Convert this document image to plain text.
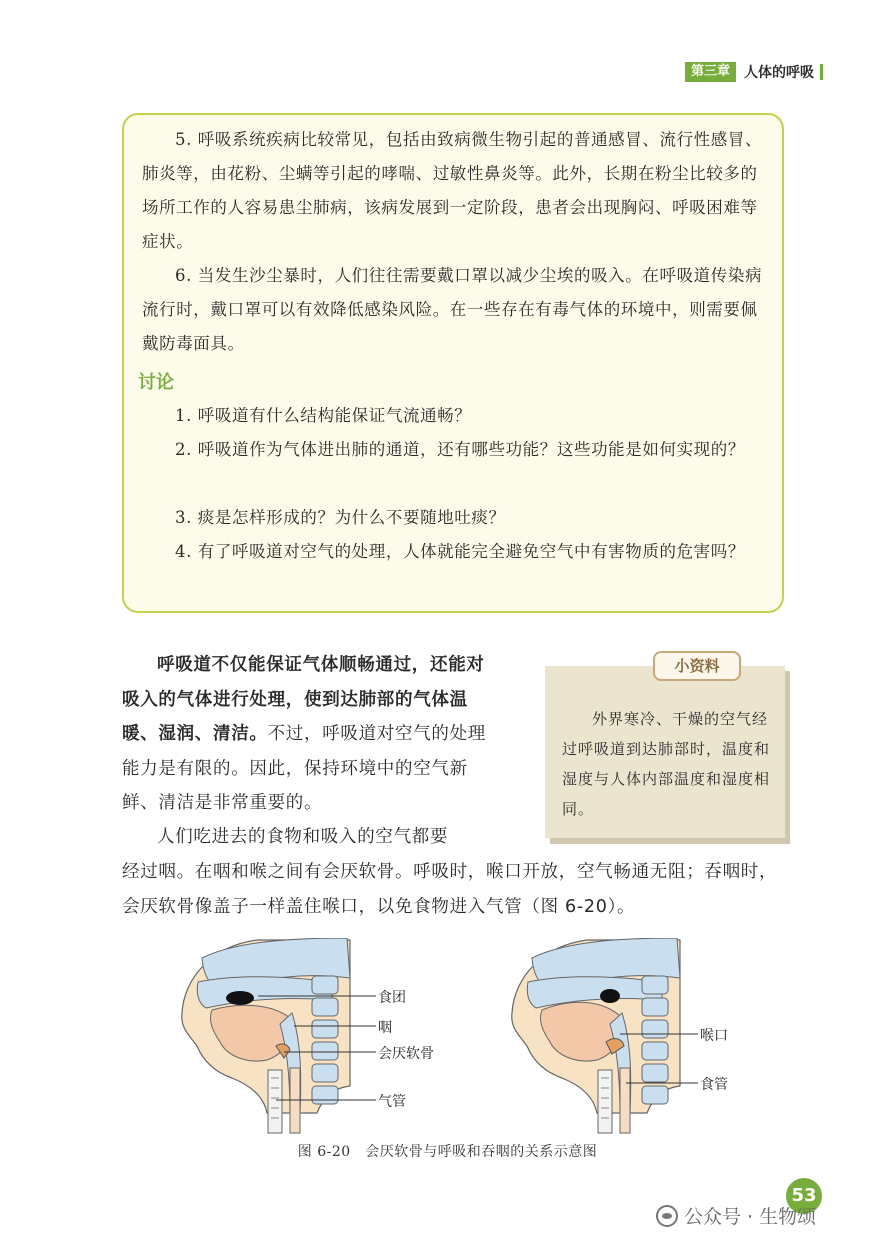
第三章	人体的呼吸
5. 呼吸系统疾病比较常见，包括由致病微生物引起的普通感冒、流行性感冒、肺炎等，由花粉、尘螨等引起的哮喘、过敏性鼻炎等。此外，长期在粉尘比较多的场所工作的人容易患尘肺病，该病发展到一定阶段，患者会出现胸闷、呼吸困难等症状。
6. 当发生沙尘暴时，人们往往需要戴口罩以减少尘埃的吸入。在呼吸道传染病流行时，戴口罩可以有效降低感染风险。在一些存在有毒气体的环境中，则需要佩戴防毒面具。
讨论
1. 呼吸道有什么结构能保证气流通畅？
2. 呼吸道作为气体进出肺的通道，还有哪些功能？这些功能是如何实现的？
3. 痰是怎样形成的？为什么不要随地吐痰？
4. 有了呼吸道对空气的处理，人体就能完全避免空气中有害物质的危害吗？
呼吸道不仅能保证气体顺畅通过，还能对吸入的气体进行处理，使到达肺部的气体温暖、湿润、清洁。不过，呼吸道对空气的处理能力是有限的。因此，保持环境中的空气新鲜、清洁是非常重要的。
人们吃进去的食物和吸入的空气都要
经过咽。在咽和喉之间有会厌软骨。呼吸时，喉口开放，空气畅通无阻；吞咽时，会厌软骨像盖子一样盖住喉口，以免食物进入气管（图 6-20）。
小资料
外界寒冷、干燥的空气经过呼吸道到达肺部时，温度和湿度与人体内部温度和湿度相同。
食团
咽
会厌软骨
气管
喉口
食管
图 6-20　会厌软骨与呼吸和吞咽的关系示意图
53
公众号 · 生物颂
